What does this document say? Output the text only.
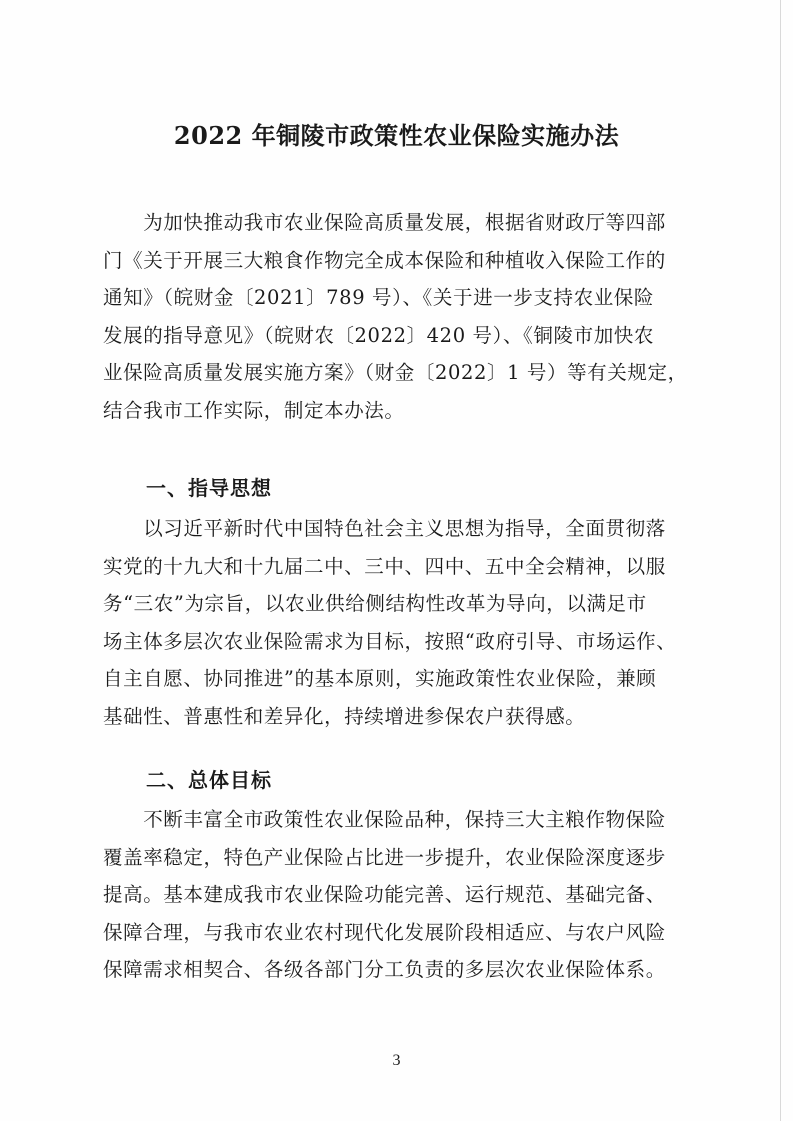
2022 年铜陵市政策性农业保险实施办法

　　为加快推动我市农业保险高质量发展，根据省财政厅等四部

门《关于开展三大粮食作物完全成本保险和种植收入保险工作的

通知》（皖财金〔2021〕789 号）、《关于进一步支持农业保险

发展的指导意见》（皖财农〔2022〕420 号）、《铜陵市加快农

业保险高质量发展实施方案》（财金〔2022〕1 号）等有关规定，

结合我市工作实际，制定本办法。

一、指导思想

　　以习近平新时代中国特色社会主义思想为指导，全面贯彻落

实党的十九大和十九届二中、三中、四中、五中全会精神，以服

务“三农”为宗旨，以农业供给侧结构性改革为导向，以满足市

场主体多层次农业保险需求为目标，按照“政府引导、市场运作、

自主自愿、协同推进”的基本原则，实施政策性农业保险，兼顾

基础性、普惠性和差异化，持续增进参保农户获得感。

二、总体目标

　　不断丰富全市政策性农业保险品种，保持三大主粮作物保险

覆盖率稳定，特色产业保险占比进一步提升，农业保险深度逐步

提高。基本建成我市农业保险功能完善、运行规范、基础完备、

保障合理，与我市农业农村现代化发展阶段相适应、与农户风险

保障需求相契合、各级各部门分工负责的多层次农业保险体系。

3
